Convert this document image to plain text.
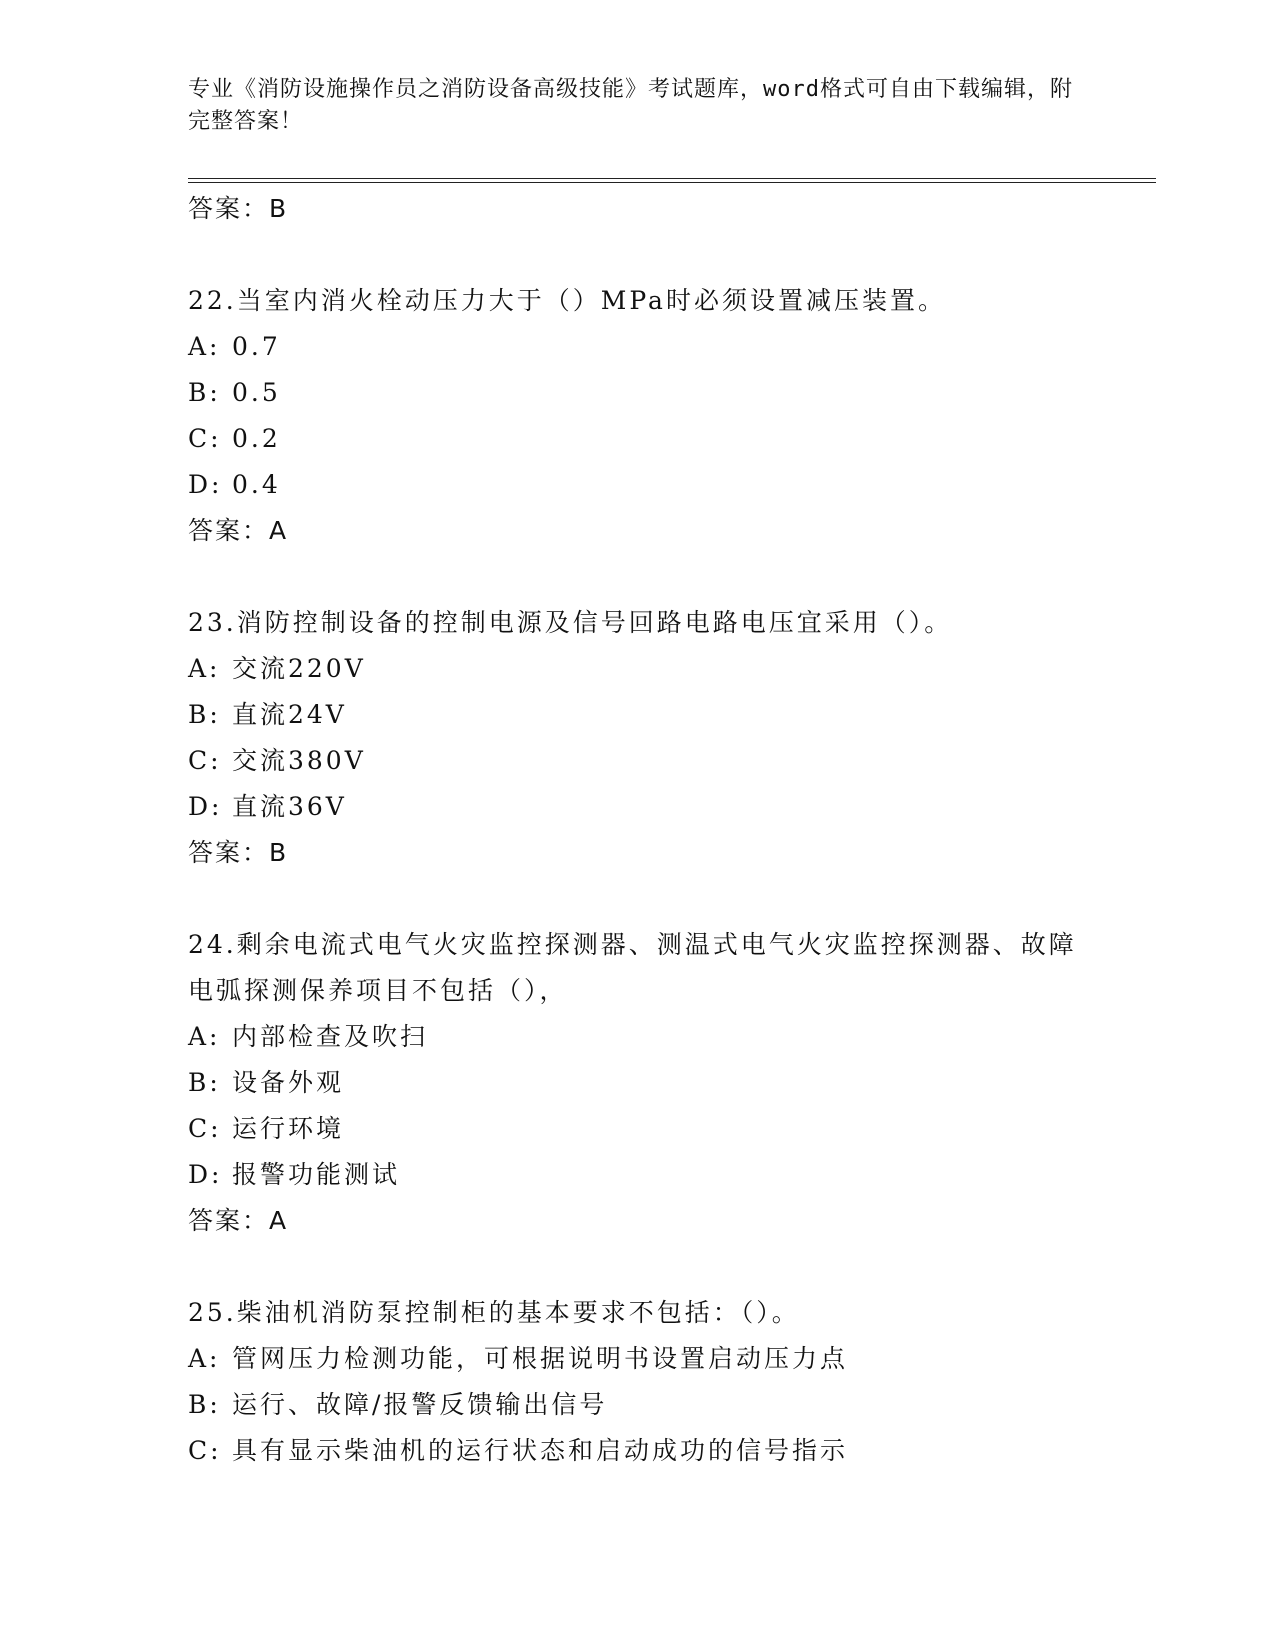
专业《消防设施操作员之消防设备高级技能》考试题库，word格式可自由下载编辑，附完整答案！
答案：B
22.当室内消火栓动压力大于（）MPa时必须设置减压装置。
A: 0.7
B: 0.5
C: 0.2
D: 0.4
答案：A
23.消防控制设备的控制电源及信号回路电路电压宜采用（）。
A: 交流220V
B: 直流24V
C: 交流380V
D: 直流36V
答案：B
24.剩余电流式电气火灾监控探测器、测温式电气火灾监控探测器、故障电弧探测保养项目不包括（），
A: 内部检查及吹扫
B: 设备外观
C: 运行环境
D: 报警功能测试
答案：A
25.柴油机消防泵控制柜的基本要求不包括：（）。
A: 管网压力检测功能，可根据说明书设置启动压力点
B: 运行、故障/报警反馈输出信号
C: 具有显示柴油机的运行状态和启动成功的信号指示
